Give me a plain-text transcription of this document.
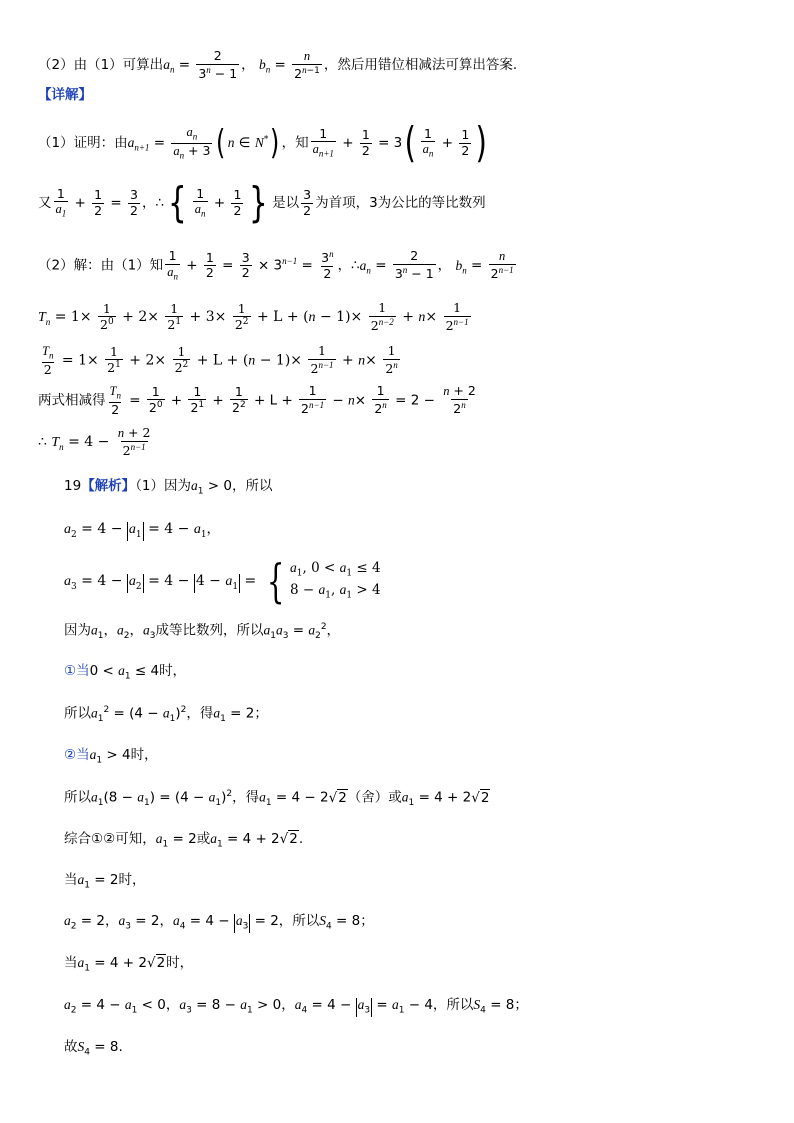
（2）由（1）可算出$a_n = \frac{2}{3^n - 1}$ ， $b_n = \frac{n}{2^{n-1}}$ ，然后用错位相减法可算出答案.
【详解】
（1）证明：由$a_{n+1} = \frac{a_n}{a_n + 3}$ ( n ∈ N*) ，知 $\frac{1}{a_{n+1}} + \frac{1}{2} = 3( \frac{1}{a_n} + \frac{1}{2}$ )
又 $\frac{1}{a_1} + \frac{1}{2} = \frac{3}{2}$ ，∴{ $\frac{1}{a_n} + \frac{1}{2}$ } 是以 $\frac{3}{2}$ 为首项，3为公比的等比数列
（2）解：由（1）知 $\frac{1}{a_n} + \frac{1}{2} = \frac{3}{2} \times 3^{n-1} = \frac{3^n}{2}$ ，$\therefore a_n = \frac{2}{3^n - 1}$ ， $b_n = \frac{n}{2^{n-1}}$
$T_n = 1\times \frac{1}{2^0} + 2\times \frac{1}{2^1} + 3\times \frac{1}{2^2} + L + (n - 1)\times \frac{1}{2^{n-2}} + n\times \frac{1}{2^{n-1}}$
$\frac{T_n}{2} = 1\times \frac{1}{2^1} + 2\times \frac{1}{2^2} + L + (n - 1)\times \frac{1}{2^{n-1}} + n\times \frac{1}{2^n}$
两式相减得 $\frac{T_n}{2} = \frac{1}{2^0} + \frac{1}{2^1} + \frac{1}{2^2} + L + \frac{1}{2^{n-1}} - n\times \frac{1}{2^n} = 2 - \frac{n + 2}{2^n}$
∴ $T_n = 4 - \frac{n + 2}{2^{n-1}}$
19【解析】（1）因为$a_1 > 0$，所以
$a_2 = 4 - a_1 = 4 - a_1$，
$a_3 = 4 - a_2 = 4 - 4 - a_1$ = { $a_1$, $0 < a_1 \le 4$
$8 - a_1$, $a_1 > 4$
因为$a_1$，$a_2$，$a_3$成等比数列，所以$a_1a_3 = a_2^2$，
①当$0 < a_1 \le 4$时，
所以$a_1^2 = (4 - a_1)^2$，得$a_1 = 2$；
②当$a_1 > 4$时，
所以$a_1(8 - a_1) = (4 - a_1)^2$，得$a_1 = 4 - 2√2$（舍）或$a_1 = 4 + 2√2$
综合①②可知，$a_1 = 2$或$a_1 = 4 + 2√2$.
当$a_1 = 2$时，
$a_2 = 2$，$a_3 = 2$，$a_4 = 4 - a_3 = 2$，所以$S_4 = 8$；
当$a_1 = 4 + 2√2$时，
$a_2 = 4 - a_1 < 0$，$a_3 = 8 - a_1 > 0$，$a_4 = 4 - a_3 = a_1 - 4$，所以$S_4 = 8$；
故$S_4 = 8$.
